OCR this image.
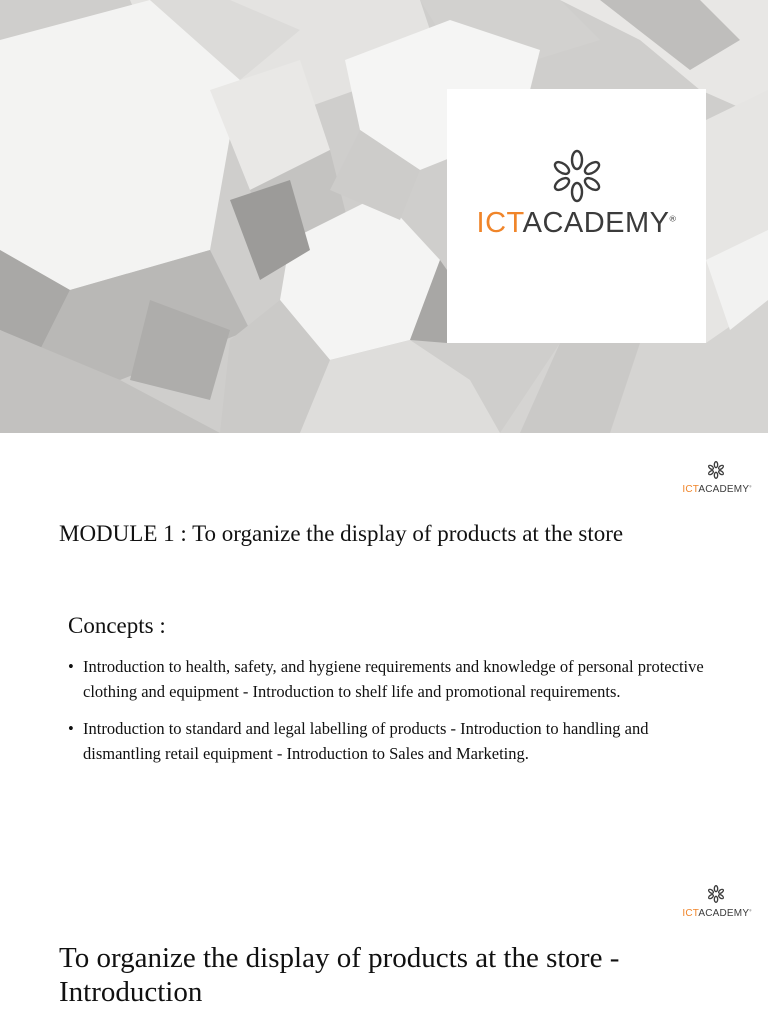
ICTACADEMY®
ICTACADEMY®
MODULE 1 : To organize the display of products at the store
Concepts :
• Introduction to health, safety, and hygiene requirements and knowledge of personal protective clothing and equipment - Introduction to shelf life and promotional requirements.
• Introduction to standard and legal labelling of products - Introduction to handling and dismantling retail equipment - Introduction to Sales and Marketing.
ICTACADEMY®
To organize the display of products at the store - Introduction
